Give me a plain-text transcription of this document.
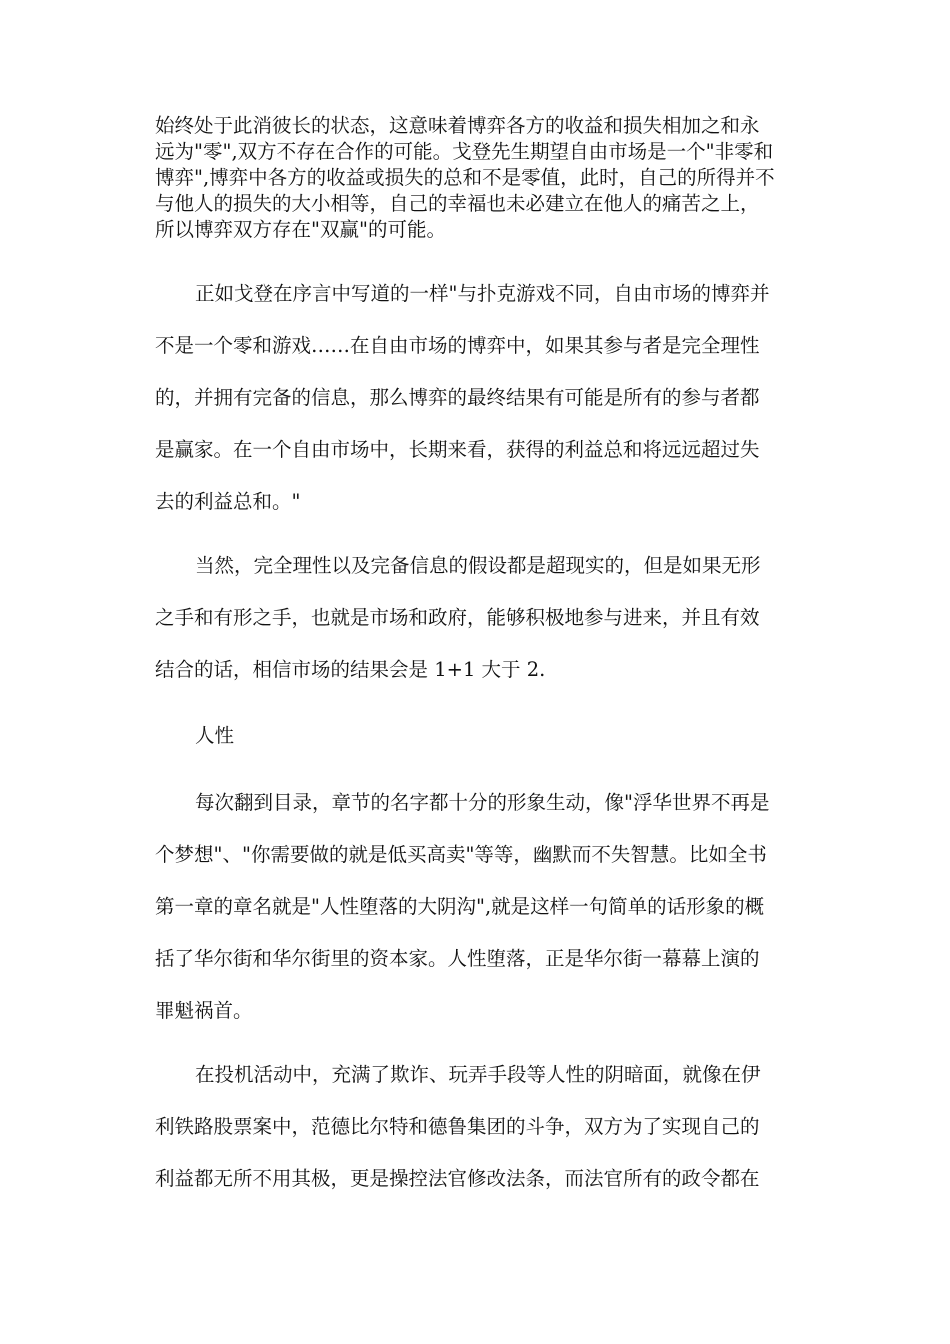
始终处于此消彼长的状态，这意味着博弈各方的收益和损失相加之和永
远为"零",双方不存在合作的可能。戈登先生期望自由市场是一个"非零和
博弈",博弈中各方的收益或损失的总和不是零值，此时，自己的所得并不
与他人的损失的大小相等，自己的幸福也未必建立在他人的痛苦之上，
所以博弈双方存在"双赢"的可能。

正如戈登在序言中写道的一样"与扑克游戏不同，自由市场的博弈并
不是一个零和游戏……在自由市场的博弈中，如果其参与者是完全理性
的，并拥有完备的信息，那么博弈的最终结果有可能是所有的参与者都
是赢家。在一个自由市场中，长期来看，获得的利益总和将远远超过失
去的利益总和。"

当然，完全理性以及完备信息的假设都是超现实的，但是如果无形
之手和有形之手，也就是市场和政府，能够积极地参与进来，并且有效
结合的话，相信市场的结果会是 1+1 大于 2.

人性

每次翻到目录，章节的名字都十分的形象生动，像"浮华世界不再是
个梦想"、"你需要做的就是低买高卖"等等，幽默而不失智慧。比如全书
第一章的章名就是"人性堕落的大阴沟",就是这样一句简单的话形象的概
括了华尔街和华尔街里的资本家。人性堕落，正是华尔街一幕幕上演的
罪魁祸首。

在投机活动中，充满了欺诈、玩弄手段等人性的阴暗面，就像在伊
利铁路股票案中，范德比尔特和德鲁集团的斗争，双方为了实现自己的
利益都无所不用其极，更是操控法官修改法条，而法官所有的政令都在
